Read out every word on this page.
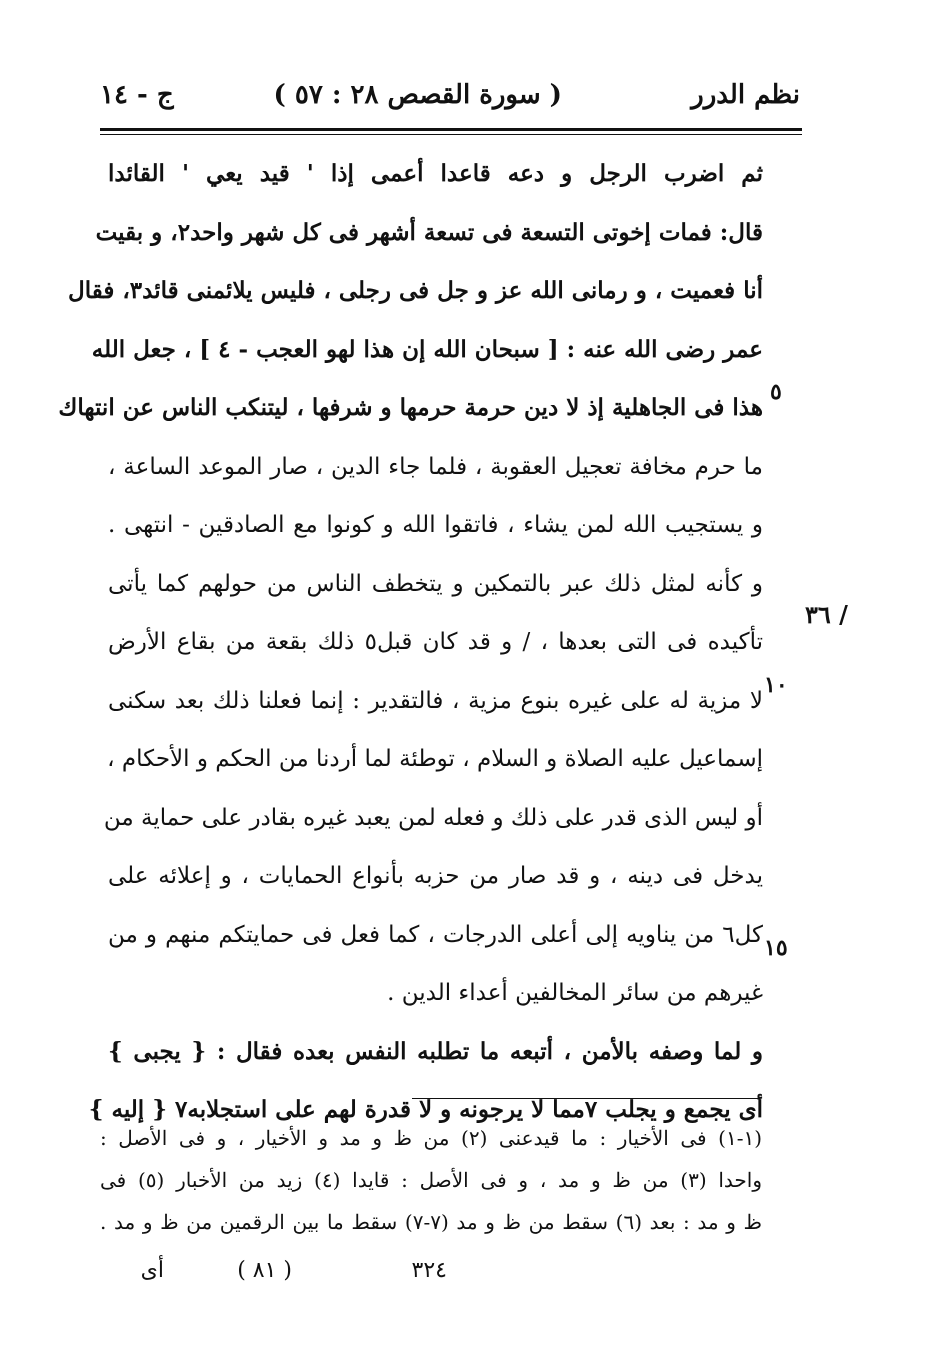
نظم الدرر
( سورة القصص ٢٨ : ٥٧ )
ج - ١٤
ثم اضرب الرجل و دعه قاعدا أعمى إذا ' قيد يعي ' القائدا
قال: فمات إخوتى التسعة فى تسعة أشهر فى كل شهر واحد٢، و بقيت
أنا فعميت ، و رمانى الله عز و جل فى رجلى ، فليس يلائمنى قائد٣، فقال
عمر رضى الله عنه : [ سبحان الله إن هذا لهو العجب - ٤ ] ، جعل الله
هذا فى الجاهلية إذ لا دين حرمة حرمها و شرفها ، ليتنكب الناس عن انتهاك
ما حرم مخافة تعجيل العقوبة ، فلما جاء الدين ، صار الموعد الساعة ،
و يستجيب الله لمن يشاء ، فاتقوا الله و كونوا مع الصادقين - انتهى .
و كأنه لمثل ذلك عبر بالتمكين و يتخطف الناس من حولهم كما يأتى
تأكيده فى التى بعدها ، / و قد كان قبل٥ ذلك بقعة من بقاع الأرض
لا مزية له على غيره بنوع مزية ، فالتقدير : إنما فعلنا ذلك بعد سكنى
إسماعيل عليه الصلاة و السلام ، توطئة لما أردنا من الحكم و الأحكام ،
أو ليس الذى قدر على ذلك و فعله لمن يعبد غيره بقادر على حماية من
يدخل فى دينه ، و قد صار من حزبه بأنواع الحمايات ، و إعلائه على
كل٦ من يناويه إلى أعلى الدرجات ، كما فعل فى حمايتكم منهم و من
غيرهم من سائر المخالفين أعداء الدين .
و لما وصفه بالأمن ، أتبعه ما تطلبه النفس بعده فقال : { يجبى }
أى يجمع و يجلب ٧مما لا يرجونه و لا قدرة لهم على استجلابه٧ { إليه }
٥
١٠
١٥
٣٦ /
(١-١) فى الأخيار : ما قيدعنى (٢) من ظ و مد و الأخيار ، و فى الأصل :
واحدا (٣) من ظ و مد ، و فى الأصل : قايدا (٤) زيد من الأخبار (٥) فى
ظ و مد : بعد (٦) سقط من ظ و مد (٧-٧) سقط ما بين الرقمين من ظ و مد .
أى	( ٨١ )	٣٢٤
